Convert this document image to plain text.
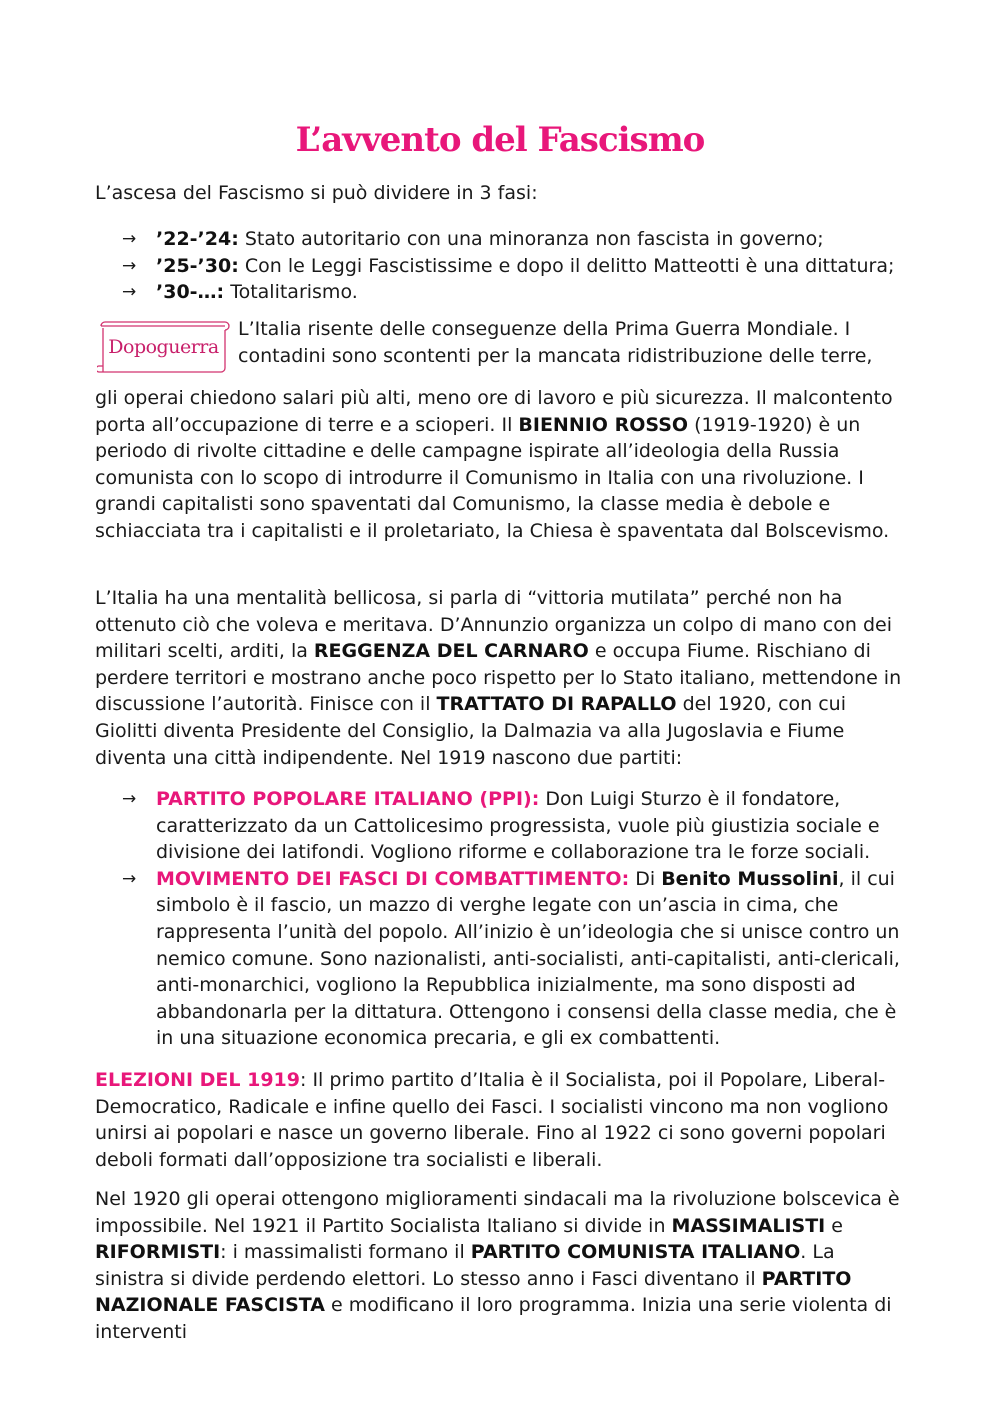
L’avvento del Fascismo

L’ascesa del Fascismo si può dividere in 3 fasi:

→ ’22-’24: Stato autoritario con una minoranza non fascista in governo;
→ ’25-’30: Con le Leggi Fascistissime e dopo il delitto Matteotti è una dittatura;
→ ’30-…: Totalitarismo.
Dopoguerra

L’Italia risente delle conseguenze della Prima Guerra Mondiale. I contadini sono scontenti per la mancata ridistribuzione delle terre,

gli operai chiedono salari più alti, meno ore di lavoro e più sicurezza. Il malcontento porta all’occupazione di terre e a scioperi. Il BIENNIO ROSSO (1919-1920) è un periodo di rivolte cittadine e delle campagne ispirate all’ideologia della Russia comunista con lo scopo di introdurre il Comunismo in Italia con una rivoluzione. I grandi capitalisti sono spaventati dal Comunismo, la classe media è debole e schiacciata tra i capitalisti e il proletariato, la Chiesa è spaventata dal Bolscevismo.

L’Italia ha una mentalità bellicosa, si parla di “vittoria mutilata” perché non ha ottenuto ciò che voleva e meritava. D’Annunzio organizza un colpo di mano con dei militari scelti, arditi, la REGGENZA DEL CARNARO e occupa Fiume. Rischiano di perdere territori e mostrano anche poco rispetto per lo Stato italiano, mettendone in discussione l’autorità. Finisce con il TRATTATO DI RAPALLO del 1920, con cui Giolitti diventa Presidente del Consiglio, la Dalmazia va alla Jugoslavia e Fiume diventa una città indipendente. Nel 1919 nascono due partiti:

→ PARTITO POPOLARE ITALIANO (PPI): Don Luigi Sturzo è il fondatore, caratterizzato da un Cattolicesimo progressista, vuole più giustizia sociale e divisione dei latifondi. Vogliono riforme e collaborazione tra le forze sociali.
→ MOVIMENTO DEI FASCI DI COMBATTIMENTO: Di Benito Mussolini, il cui simbolo è il fascio, un mazzo di verghe legate con un’ascia in cima, che rappresenta l’unità del popolo. All’inizio è un’ideologia che si unisce contro un nemico comune. Sono nazionalisti, anti-socialisti, anti-capitalisti, anti-clericali, anti-monarchici, vogliono la Repubblica inizialmente, ma sono disposti ad abbandonarla per la dittatura. Ottengono i consensi della classe media, che è in una situazione economica precaria, e gli ex combattenti.

ELEZIONI DEL 1919: Il primo partito d’Italia è il Socialista, poi il Popolare, Liberal-Democratico, Radicale e infine quello dei Fasci. I socialisti vincono ma non vogliono unirsi ai popolari e nasce un governo liberale. Fino al 1922 ci sono governi popolari deboli formati dall’opposizione tra socialisti e liberali.

Nel 1920 gli operai ottengono miglioramenti sindacali ma la rivoluzione bolscevica è impossibile. Nel 1921 il Partito Socialista Italiano si divide in MASSIMALISTI e RIFORMISTI: i massimalisti formano il PARTITO COMUNISTA ITALIANO. La sinistra si divide perdendo elettori. Lo stesso anno i Fasci diventano il PARTITO NAZIONALE FASCISTA e modificano il loro programma. Inizia una serie violenta di interventi
